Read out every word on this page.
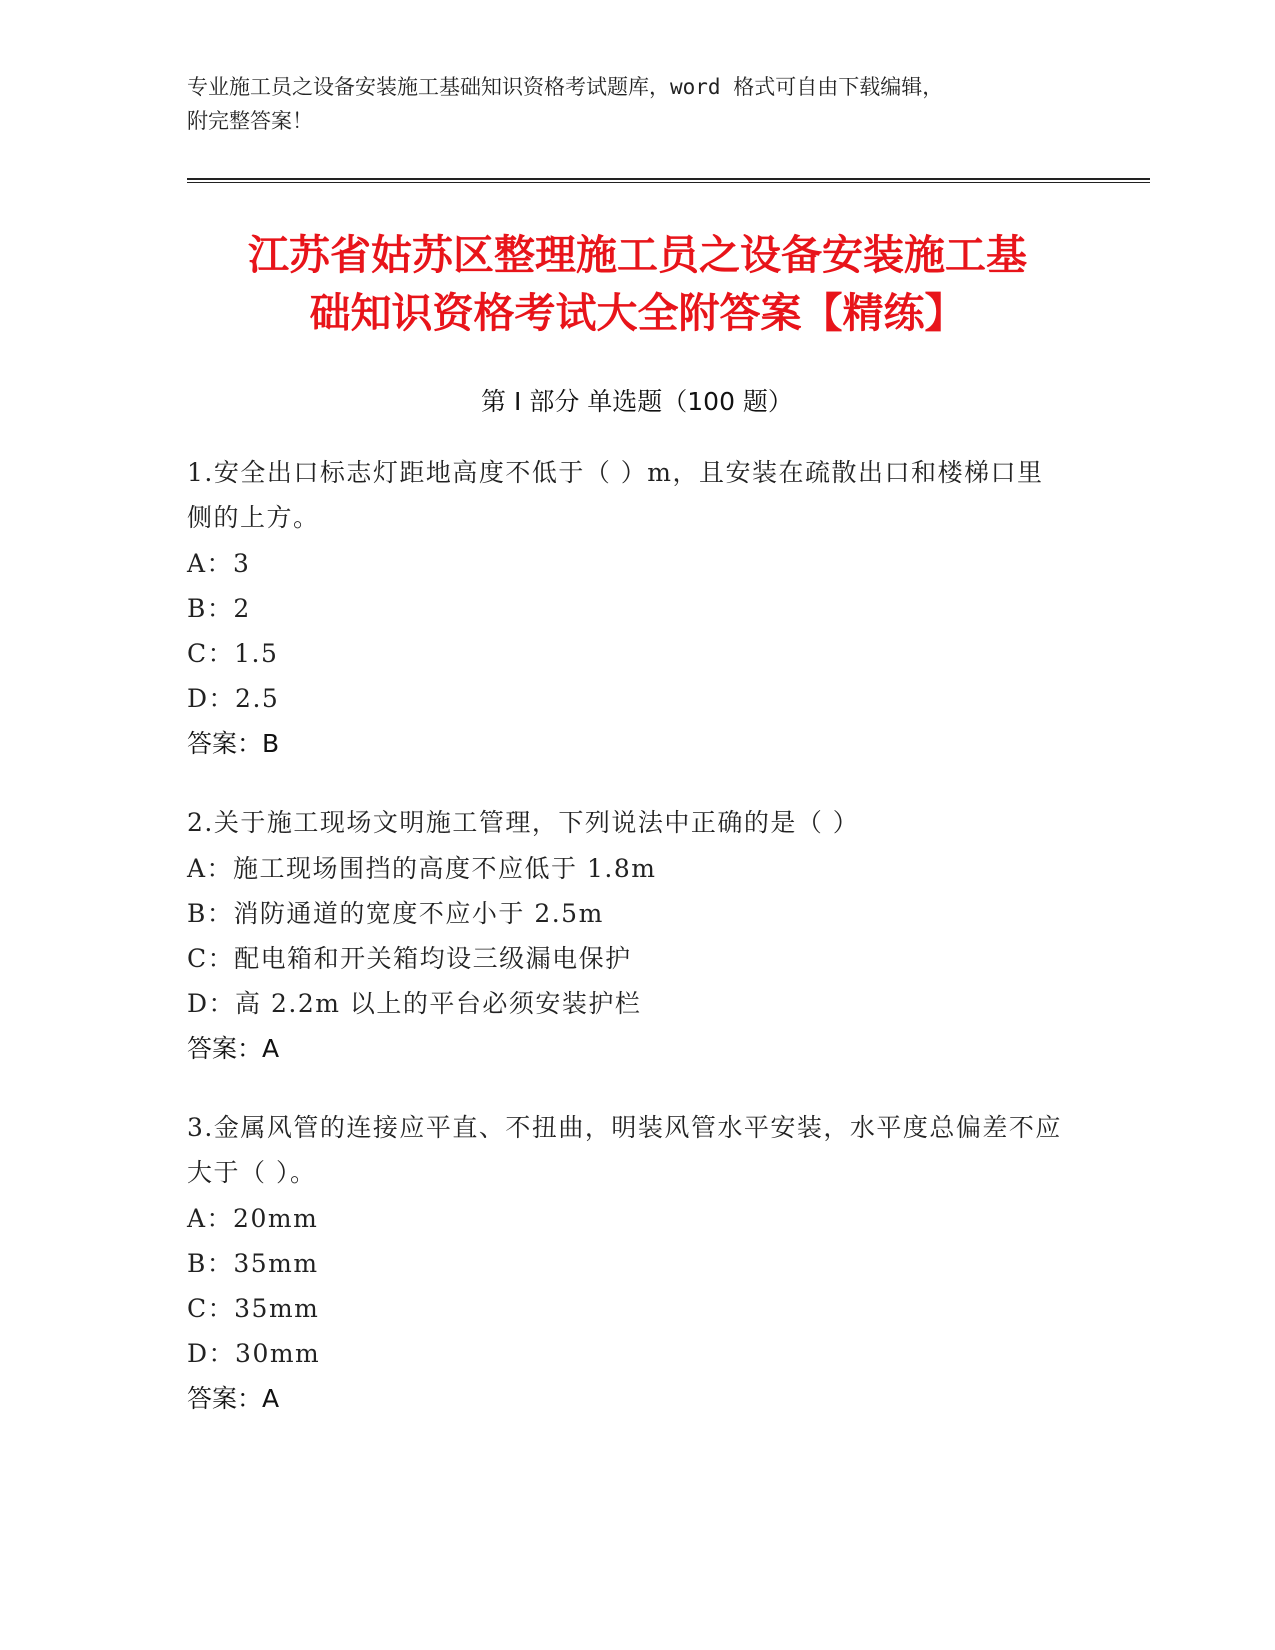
专业施工员之设备安装施工基础知识资格考试题库，word 格式可自由下载编辑，
附完整答案！
江苏省姑苏区整理施工员之设备安装施工基
础知识资格考试大全附答案【精练】
第 I 部分 单选题（100 题）
1.安全出口标志灯距地高度不低于（ ）m，且安装在疏散出口和楼梯口里侧的上方。
A：3
B：2
C：1.5
D：2.5
答案：B
2.关于施工现场文明施工管理，下列说法中正确的是（ ）
A：施工现场围挡的高度不应低于 1.8m
B：消防通道的宽度不应小于 2.5m
C：配电箱和开关箱均设三级漏电保护
D：高 2.2m 以上的平台必须安装护栏
答案：A
3.金属风管的连接应平直、不扭曲，明装风管水平安装，水平度总偏差不应大于（ ）。
A：20mm
B：35mm
C：35mm
D：30mm
答案：A
